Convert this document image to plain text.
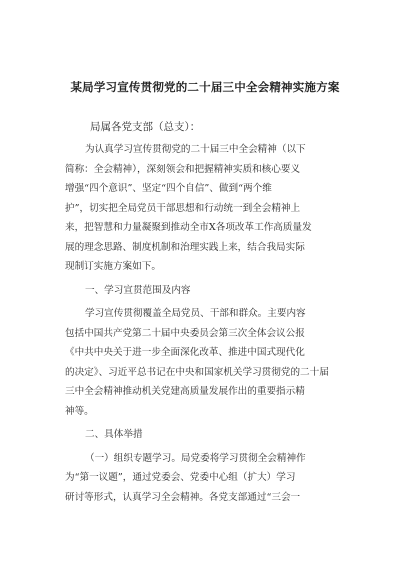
某局学习宣传贯彻党的二十届三中全会精神实施方案

局属各党支部（总支）：

为认真学习宣传贯彻党的二十届三中全会精神（以下
简称：全会精神），深刻领会和把握精神实质和核心要义
增强“四个意识”、坚定“四个自信”、做到“两个维
护”，切实把全局党员干部思想和行动统一到全会精神上
来，把智慧和力量凝聚到推动全市X各项改革工作高质量发
展的理念思路、制度机制和治理实践上来，结合我局实际
现制订实施方案如下。

一、学习宣贯范围及内容

学习宣传贯彻覆盖全局党员、干部和群众。主要内容
包括中国共产党第二十届中央委员会第三次全体会议公报
《中共中央关于进一步全面深化改革、推进中国式现代化
的决定》、习近平总书记在中央和国家机关学习贯彻党的二十届
三中全会精神推动机关党建高质量发展作出的重要指示精
神等。

二、具体举措

（一）组织专题学习。局党委将学习贯彻全会精神作
为“第一议题”，通过党委会、党委中心组（扩大）学习
研讨等形式，认真学习全会精神。各党支部通过“三会一
